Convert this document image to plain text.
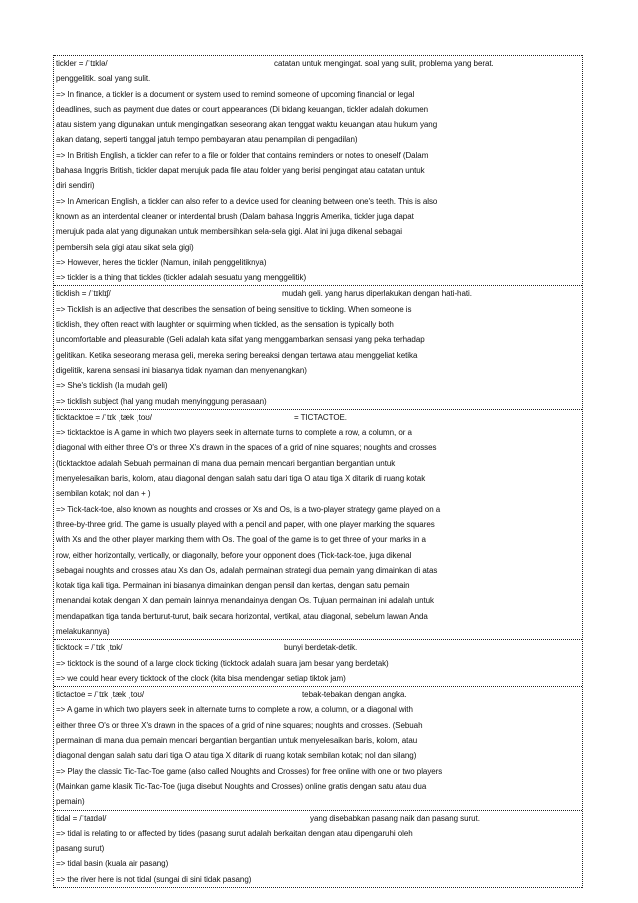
tickler = /ˈtɪklə/	catatan untuk mengingat. soal yang sulit, problema yang berat.
penggelitik. soal yang sulit.
=> In finance, a tickler is a document or system used to remind someone of upcoming financial or legal
deadlines, such as payment due dates or court appearances (Di bidang keuangan, tickler adalah dokumen
atau sistem yang digunakan untuk mengingatkan seseorang akan tenggat waktu keuangan atau hukum yang
akan datang, seperti tanggal jatuh tempo pembayaran atau penampilan di pengadilan)
=> In British English, a tickler can refer to a file or folder that contains reminders or notes to oneself (Dalam
bahasa Inggris British, tickler dapat merujuk pada file atau folder yang berisi pengingat atau catatan untuk
diri sendiri)
=> In American English, a tickler can also refer to a device used for cleaning between one's teeth. This is also
known as an interdental cleaner or interdental brush (Dalam bahasa Inggris Amerika, tickler juga dapat
merujuk pada alat yang digunakan untuk membersihkan sela-sela gigi. Alat ini juga dikenal sebagai
pembersih sela gigi atau sikat sela gigi)
=> However, heres the tickler (Namun, inilah penggelitiknya)
=> tickler is a thing that tickles (tickler adalah sesuatu yang menggelitik)
ticklish = /ˈtɪklɪʃ/	mudah geli. yang harus diperlakukan dengan hati-hati.
=> Ticklish is an adjective that describes the sensation of being sensitive to tickling. When someone is
ticklish, they often react with laughter or squirming when tickled, as the sensation is typically both
uncomfortable and pleasurable (Geli adalah kata sifat yang menggambarkan sensasi yang peka terhadap
gelitikan. Ketika seseorang merasa geli, mereka sering bereaksi dengan tertawa atau menggeliat ketika
digelitik, karena sensasi ini biasanya tidak nyaman dan menyenangkan)
=> She's ticklish (Ia mudah geli)
=> ticklish subject (hal yang mudah menyinggung perasaan)
ticktacktoe = /ˈtɪk ˌtæk ˌtoʊ/	= TICTACTOE.
=> ticktacktoe is A game in which two players seek in alternate turns to complete a row, a column, or a
diagonal with either three O's or three X's drawn in the spaces of a grid of nine squares; noughts and crosses
(ticktacktoe adalah Sebuah permainan di mana dua pemain mencari bergantian bergantian untuk
menyelesaikan baris, kolom, atau diagonal dengan salah satu dari tiga O atau tiga X ditarik di ruang kotak
sembilan kotak; nol dan + )
=> Tick-tack-toe, also known as noughts and crosses or Xs and Os, is a two-player strategy game played on a
three-by-three grid. The game is usually played with a pencil and paper, with one player marking the squares
with Xs and the other player marking them with Os. The goal of the game is to get three of your marks in a
row, either horizontally, vertically, or diagonally, before your opponent does (Tick-tack-toe, juga dikenal
sebagai noughts and crosses atau Xs dan Os, adalah permainan strategi dua pemain yang dimainkan di atas
kotak tiga kali tiga. Permainan ini biasanya dimainkan dengan pensil dan kertas, dengan satu pemain
menandai kotak dengan X dan pemain lainnya menandainya dengan Os. Tujuan permainan ini adalah untuk
mendapatkan tiga tanda berturut-turut, baik secara horizontal, vertikal, atau diagonal, sebelum lawan Anda
melakukannya)
ticktock = /ˈtɪk ˌtɒk/	bunyi berdetak-detik.
=> ticktock is the sound of a large clock ticking (ticktock adalah suara jam besar yang berdetak)
=> we could hear every ticktock of the clock (kita bisa mendengar setiap tiktok jam)
tictactoe = /ˈtɪk ˌtæk ˌtoʊ/	tebak-tebakan dengan angka.
=> A game in which two players seek in alternate turns to complete a row, a column, or a diagonal with
either three O's or three X's drawn in the spaces of a grid of nine squares; noughts and crosses. (Sebuah
permainan di mana dua pemain mencari bergantian bergantian untuk menyelesaikan baris, kolom, atau
diagonal dengan salah satu dari tiga O atau tiga X ditarik di ruang kotak sembilan kotak; nol dan silang)
=> Play the classic Tic-Tac-Toe game (also called Noughts and Crosses) for free online with one or two players
(Mainkan game klasik Tic-Tac-Toe (juga disebut Noughts and Crosses) online gratis dengan satu atau dua
pemain)
tidal = /ˈtaɪdəl/	yang disebabkan pasang naik dan pasang surut.
=> tidal is relating to or affected by tides (pasang surut adalah berkaitan dengan atau dipengaruhi oleh
pasang surut)
=> tidal basin (kuala air pasang)
=> the river here is not tidal (sungai di sini tidak pasang)
